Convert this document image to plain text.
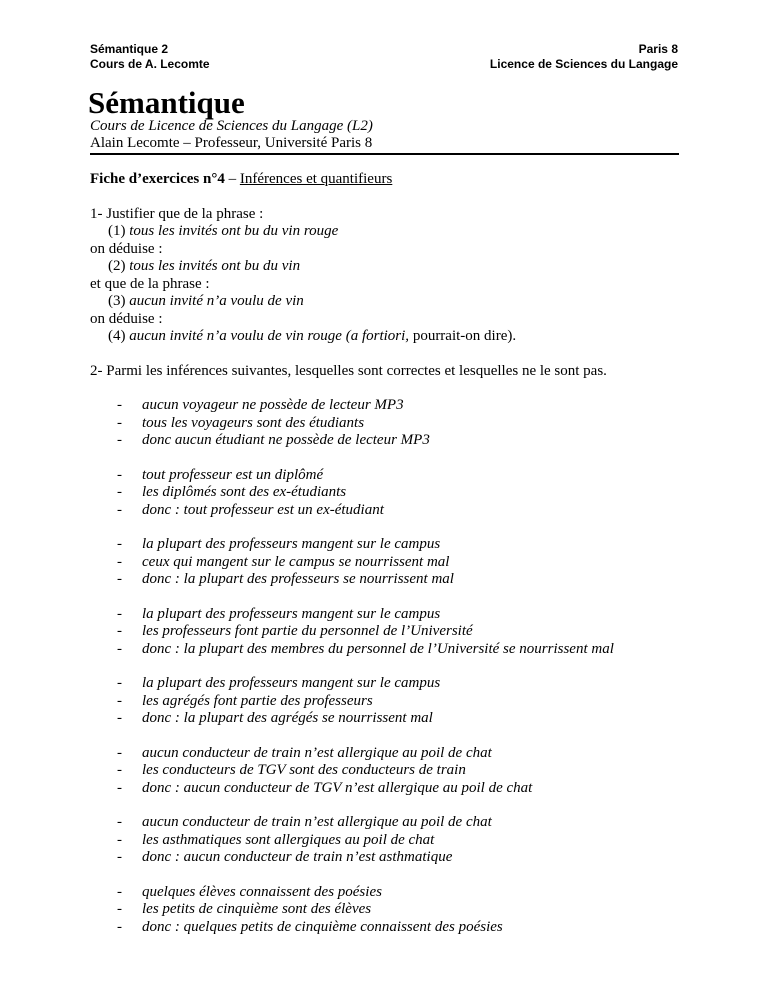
Sémantique 2
Cours de A. Lecomte
Paris 8
Licence de Sciences du Langage
Sémantique
Cours de Licence de Sciences du Langage (L2)
Alain Lecomte – Professeur, Université Paris 8

Fiche d’exercices n°4 – Inférences et quantifieurs

1- Justifier que de la phrase :

(1) tous les invités ont bu du vin rouge

on déduise :

(2) tous les invités ont bu du vin

et que de la phrase :

(3) aucun invité n’a voulu de vin

on déduise :

(4) aucun invité n’a voulu de vin rouge (a fortiori, pourrait-on dire).

2- Parmi les inférences suivantes, lesquelles sont correctes et lesquelles ne le sont pas.

- aucun voyageur ne possède de lecteur MP3
- tous les voyageurs sont des étudiants
- donc aucun étudiant ne possède de lecteur MP3
- tout professeur est un diplômé
- les diplômés sont des ex-étudiants
- donc : tout professeur est un ex-étudiant
- la plupart des professeurs mangent sur le campus
- ceux qui mangent sur le campus se nourrissent mal
- donc : la plupart des professeurs se nourrissent mal
- la plupart des professeurs mangent sur le campus
- les professeurs font partie du personnel de l’Université
- donc : la plupart des membres du personnel de l’Université se nourrissent mal
- la plupart des professeurs mangent sur le campus
- les agrégés font partie des professeurs
- donc : la plupart des agrégés se nourrissent mal
- aucun conducteur de train n’est allergique au poil de chat
- les conducteurs de TGV sont des conducteurs de train
- donc : aucun conducteur de TGV n’est allergique au poil de chat
- aucun conducteur de train n’est allergique au poil de chat
- les asthmatiques sont allergiques au poil de chat
- donc : aucun conducteur de train n’est asthmatique
- quelques élèves connaissent des poésies
- les petits de cinquième sont des élèves
- donc : quelques petits de cinquième connaissent des poésies
